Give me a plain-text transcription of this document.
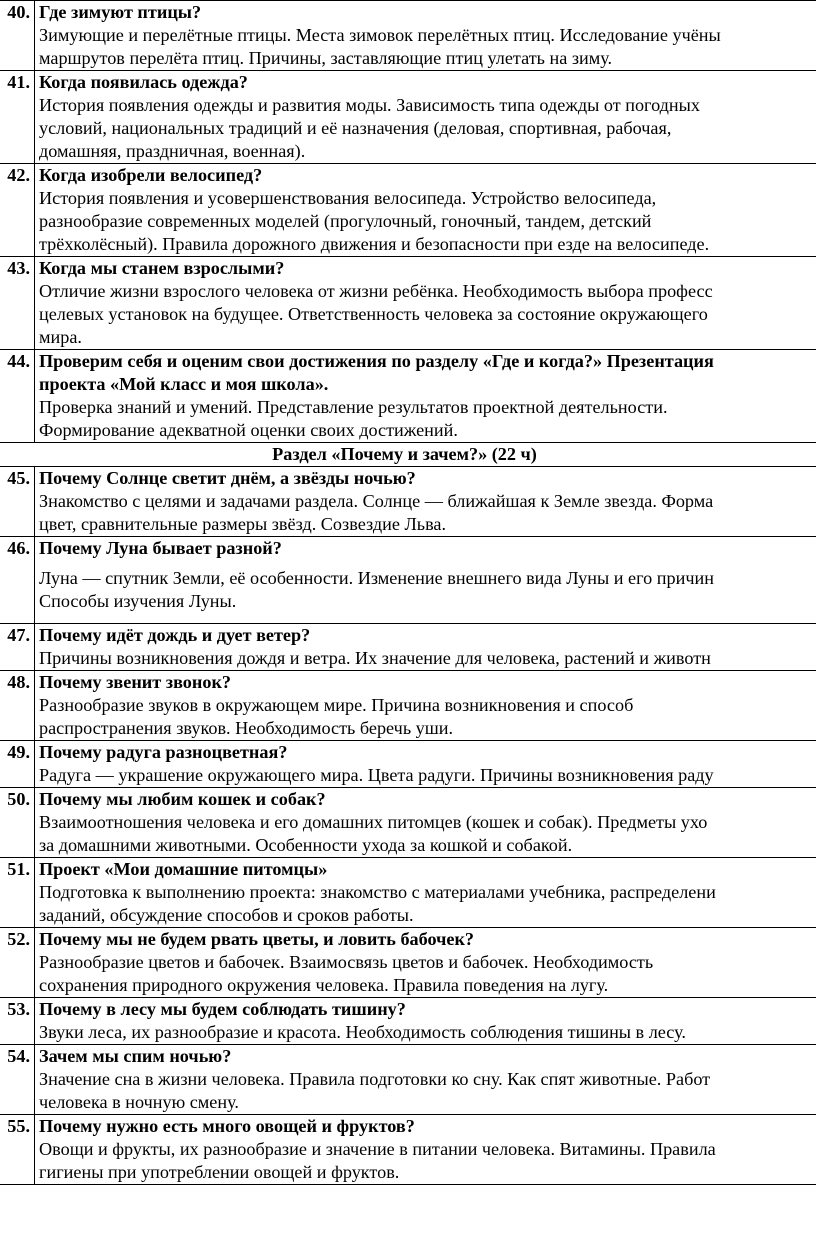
40.	Где зимуют птицы?
Зимующие и перелётные птицы. Места зимовок перелётных птиц. Исследование учёны
маршрутов перелёта птиц. Причины, заставляющие птиц улетать на зиму.

41.	Когда появилась одежда?
История появления одежды и развития моды. Зависимость типа одежды от погодных
условий, национальных традиций и её назначения (деловая, спортивная, рабочая,
домашняя, праздничная, военная).

42.	Когда изобрели велосипед?
История появления и усовершенствования велосипеда. Устройство велосипеда,
разнообразие современных моделей (прогулочный, гоночный, тандем, детский
трёхколёсный). Правила дорожного движения и безопасности при езде на велосипеде.

43.	Когда мы станем взрослыми?
Отличие жизни взрослого человека от жизни ребёнка. Необходимость выбора професс
целевых установок на будущее. Ответственность человека за состояние окружающего
мира.

44.	Проверим себя и оценим свои достижения по разделу «Где и когда?» Презентация
проекта «Мой класс и моя школа».
Проверка знаний и умений. Представление результатов проектной деятельности.
Формирование адекватной оценки своих достижений.

Раздел «Почему и зачем?» (22 ч)	
45.	Почему Солнце светит днём, а звёзды ночью?
Знакомство с целями и задачами раздела. Солнце — ближайшая к Земле звезда. Форма
цвет, сравнительные размеры звёзд. Созвездие Льва.

46.	Почему Луна бывает разной?
Луна — спутник Земли, её особенности. Изменение внешнего вида Луны и его причин
Способы изучения Луны.

47.	Почему идёт дождь и дует ветер?
Причины возникновения дождя и ветра. Их значение для человека, растений и животн

48.	Почему звенит звонок?
Разнообразие звуков в окружающем мире. Причина возникновения и способ
распространения звуков. Необходимость беречь уши.

49.	Почему радуга разноцветная?
Радуга — украшение окружающего мира. Цвета радуги. Причины возникновения раду

50.	Почему мы любим кошек и собак?
Взаимоотношения человека и его домашних питомцев (кошек и собак). Предметы ухо
за домашними животными. Особенности ухода за кошкой и собакой.

51.	Проект «Мои домашние питомцы»
Подготовка к выполнению проекта: знакомство с материалами учебника, распределени
заданий, обсуждение способов и сроков работы.

52.	Почему мы не будем рвать цветы, и ловить бабочек?
Разнообразие цветов и бабочек. Взаимосвязь цветов и бабочек. Необходимость
сохранения природного окружения человека. Правила поведения на лугу.

53.	Почему в лесу мы будем соблюдать тишину?
Звуки леса, их разнообразие и красота. Необходимость соблюдения тишины в лесу.

54.	Зачем мы спим ночью?
Значение сна в жизни человека. Правила подготовки ко сну. Как спят животные. Работ
человека в ночную смену.

55.	Почему нужно есть много овощей и фруктов?
Овощи и фрукты, их разнообразие и значение в питании человека. Витамины. Правила
гигиены при употреблении овощей и фруктов.
